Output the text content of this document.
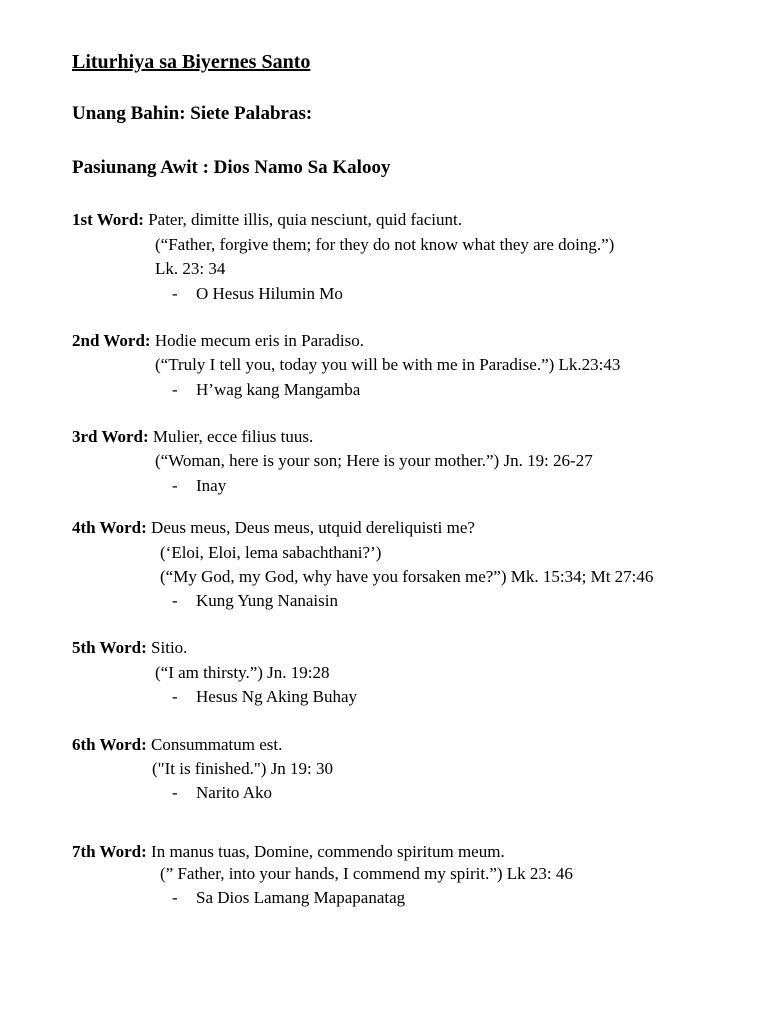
Liturhiya sa Biyernes Santo
Unang Bahin: Siete Palabras:
Pasiunang Awit : Dios Namo Sa Kalooy
1st Word: Pater, dimitte illis, quia nesciunt, quid faciunt.
(“Father, forgive them; for they do not know what they are doing.”)
Lk. 23: 34
- O Hesus Hilumin Mo
2nd Word: Hodie mecum eris in Paradiso.
(“Truly I tell you, today you will be with me in Paradise.”) Lk.23:43
- H’wag kang Mangamba
3rd Word: Mulier, ecce filius tuus.
(“Woman, here is your son; Here is your mother.”) Jn. 19: 26-27
- Inay
4th Word: Deus meus, Deus meus, utquid dereliquisti me?
(‘Eloi, Eloi, lema sabachthani?’)
(“My God, my God, why have you forsaken me?”) Mk. 15:34; Mt 27:46
- Kung Yung Nanaisin
5th Word: Sitio.
(“I am thirsty.”) Jn. 19:28
- Hesus Ng Aking Buhay
6th Word: Consummatum est.
("It is finished.") Jn 19: 30
- Narito Ako
7th Word: In manus tuas, Domine, commendo spiritum meum.
(” Father, into your hands, I commend my spirit.”) Lk 23: 46
- Sa Dios Lamang Mapapanatag
